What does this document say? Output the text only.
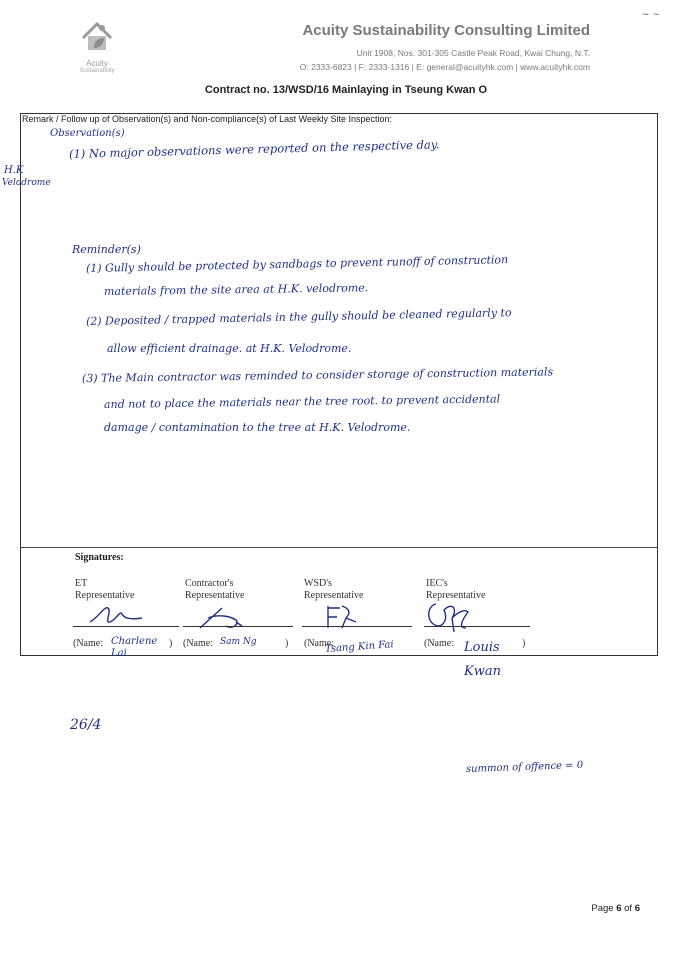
Acuity
Sustainability
Acuity Sustainability Consulting Limited
Unit 1908, Nos. 301-305 Castle Peak Road, Kwai Chung, N.T.
O: 2333-6823 | F: 2333-1316 | E: general@acuityhk.com | www.acuityhk.com
~ ~
Contract no. 13/WSD/16 Mainlaying in Tseung Kwan O
Remark / Follow up of Observation(s) and Non-compliance(s) of Last Weekly Site Inspection:
H.K
Velodrome
Observation(s)
(1) No major observations were reported on the respective day.
Reminder(s)
(1) Gully should be protected by sandbags to prevent runoff of construction
materials from the site area at H.K. velodrome.
(2) Deposited / trapped materials in the gully should be cleaned regularly to
allow efficient drainage. at H.K. Velodrome.
(3) The Main contractor was reminded to consider storage of construction materials
and not to place the materials near the tree root. to prevent accidental
damage / contamination to the tree at H.K. Velodrome.
Signatures:
ET
Representative
(Name: Charlene Lai
)
Contractor's
Representative
(Name: Sam Ng	)
WSD's
Representative
(Name:
Tsang Kin Fai
IEC's
Representative
(Name: Louis Kwan
)
26/4
summon of offence = 0
Page 6 of 6
